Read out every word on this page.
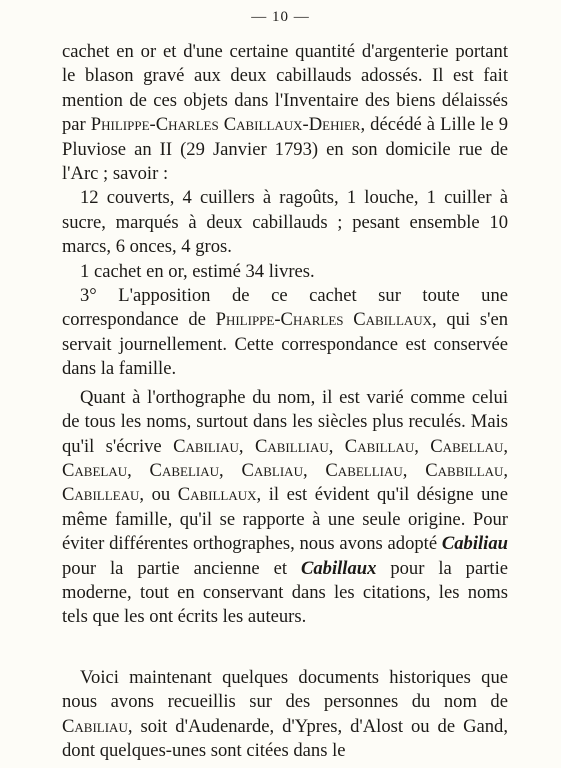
— 10 —

cachet en or et d'une certaine quantité d'argenterie portant le blason gravé aux deux cabillauds adossés. Il est fait mention de ces objets dans l'Inventaire des biens délaissés par Philippe-Charles Cabillaux-Dehier, décédé à Lille le 9 Pluviose an II (29 Janvier 1793) en son domicile rue de l'Arc ; savoir :

12 couverts, 4 cuillers à ragoûts, 1 louche, 1 cuiller à sucre, marqués à deux cabillauds ; pesant ensemble 10 marcs, 6 onces, 4 gros.

1 cachet en or, estimé 34 livres.

3° L'apposition de ce cachet sur toute une correspondance de Philippe-Charles Cabillaux, qui s'en servait journellement. Cette correspondance est conservée dans la famille.

Quant à l'orthographe du nom, il est varié comme celui de tous les noms, surtout dans les siècles plus reculés. Mais qu'il s'écrive Cabiliau, Cabilliau, Cabillau, Cabellau, Cabelau, Cabeliau, Cabliau, Cabelliau, Cabbillau, Cabilleau, ou Cabillaux, il est évident qu'il désigne une même famille, qu'il se rapporte à une seule origine. Pour éviter différentes orthographes, nous avons adopté Cabiliau pour la partie ancienne et Cabillaux pour la partie moderne, tout en conservant dans les citations, les noms tels que les ont écrits les auteurs.

Voici maintenant quelques documents historiques que nous avons recueillis sur des personnes du nom de Cabiliau, soit d'Audenarde, d'Ypres, d'Alost ou de Gand, dont quelques-unes sont citées dans le
